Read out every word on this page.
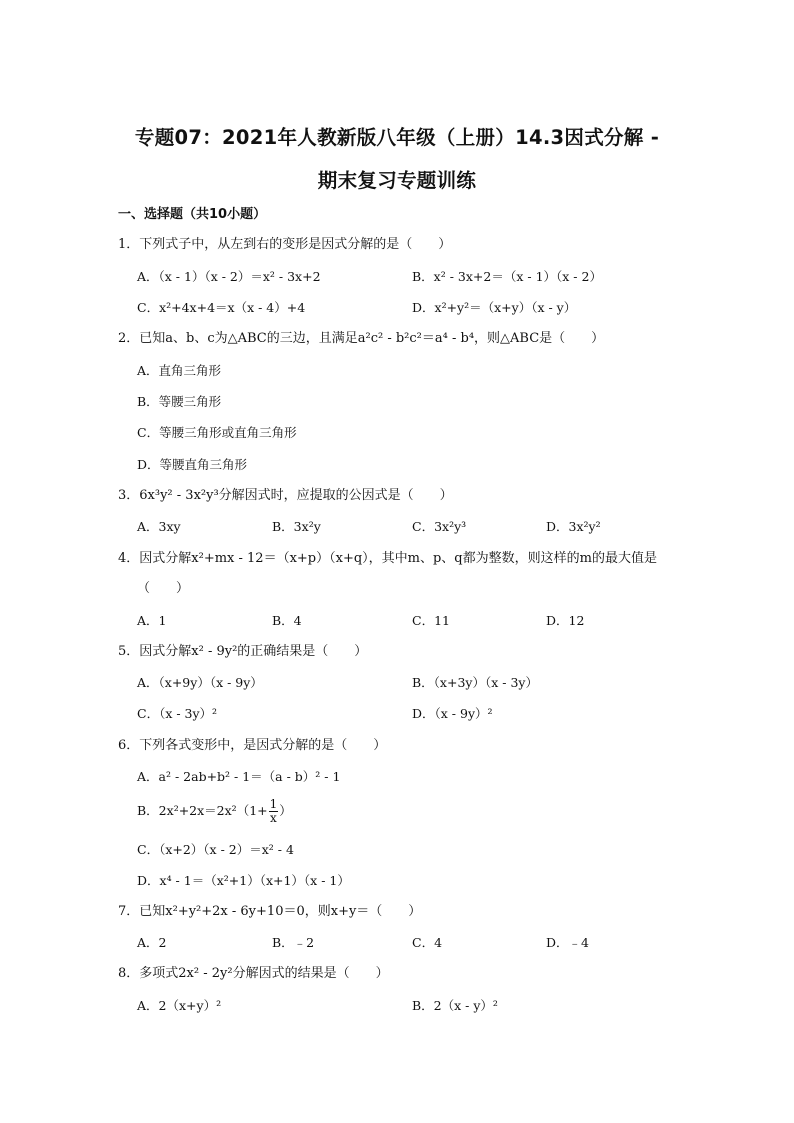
专题07：2021年人教新版八年级（上册）14.3因式分解 -
期末复习专题训练
一、选择题（共10小题）
1．下列式子中，从左到右的变形是因式分解的是（　　）
A．（x - 1）（x - 2）＝x² - 3x+2	B．x² - 3x+2＝（x - 1）（x - 2）
C．x²+4x+4＝x（x - 4）+4	D．x²+y²＝（x+y）（x - y）
2．已知a、b、c为△ABC的三边，且满足a²c² - b²c²＝a⁴ - b⁴，则△ABC是（　　）
A．直角三角形
B．等腰三角形
C．等腰三角形或直角三角形
D．等腰直角三角形
3．6x³y² - 3x²y³分解因式时，应提取的公因式是（　　）
A．3xy	B．3x²y	C．3x²y³	D．3x²y²
4．因式分解x²+mx - 12＝（x+p）（x+q），其中m、p、q都为整数，则这样的m的最大值是
（　　）
A．1	B．4	C．11	D．12
5．因式分解x² - 9y²的正确结果是（　　）
A．（x+9y）（x - 9y）	B．（x+3y）（x - 3y）
C．（x - 3y）²	D．（x - 9y）²
6．下列各式变形中，是因式分解的是（　　）
A．a² - 2ab+b² - 1＝（a - b）² - 1
B．$2x^2+2x=2x^2(1+ \frac{1}{x}$ ）
C．（x+2）（x - 2）＝x² - 4
D．x⁴ - 1＝（x²+1）（x+1）（x - 1）
7．已知x²+y²+2x - 6y+10＝0，则x+y＝（　　）
A．2	B．﹣2	C．4	D．﹣4
8．多项式2x² - 2y²分解因式的结果是（　　）
A．2（x+y）²	B．2（x - y）²
